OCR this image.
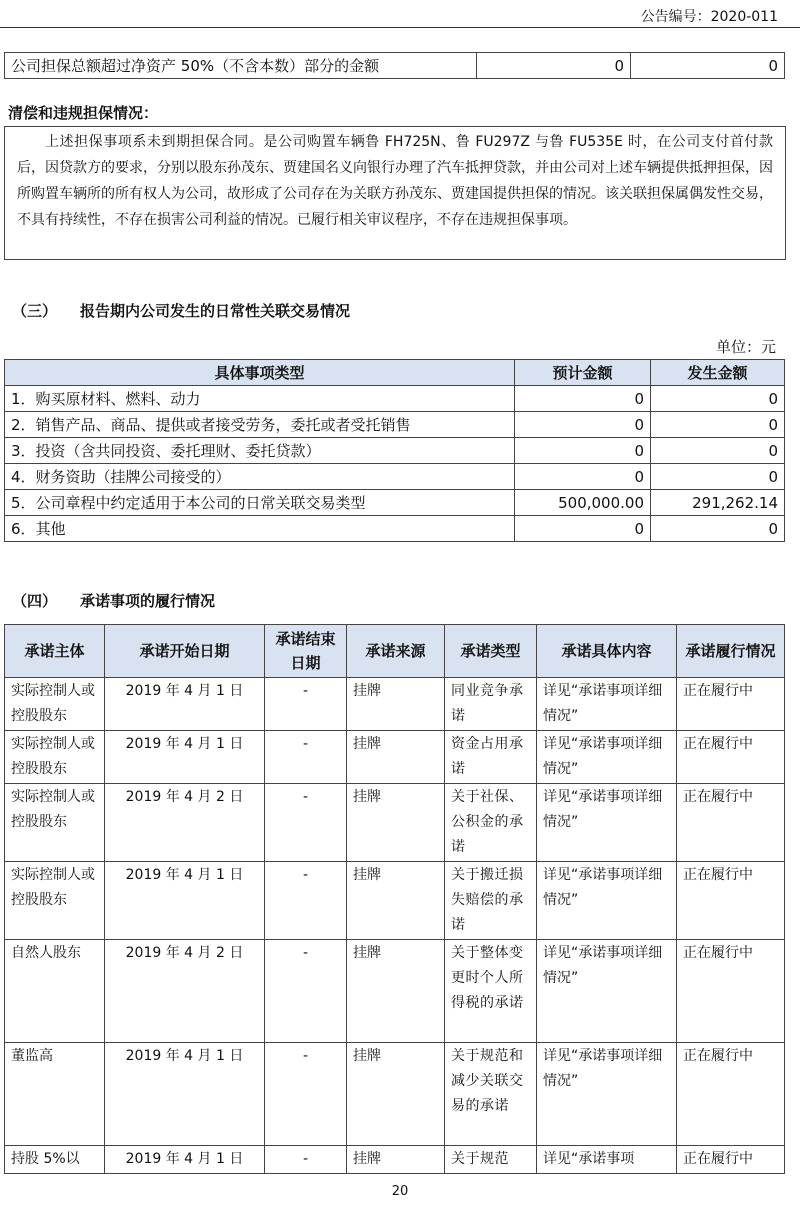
公告编号：2020-011
公司担保总额超过净资产 50%（不含本数）部分的金额	0	0
清偿和违规担保情况：
上述担保事项系未到期担保合同。是公司购置车辆鲁 FH725N、鲁 FU297Z 与鲁 FU535E 时，在公司支付首付款后，因贷款方的要求，分别以股东孙茂东、贾建国名义向银行办理了汽车抵押贷款，并由公司对上述车辆提供抵押担保，因所购置车辆所的所有权人为公司，故形成了公司存在为关联方孙茂东、贾建国提供担保的情况。该关联担保属偶发性交易，不具有持续性，不存在损害公司利益的情况。已履行相关审议程序，不存在违规担保事项。
（三） 报告期内公司发生的日常性关联交易情况
单位：元
具体事项类型	预计金额	发生金额
1．购买原材料、燃料、动力	0	0
2．销售产品、商品、提供或者接受劳务，委托或者受托销售	0	0
3．投资（含共同投资、委托理财、委托贷款）	0	0
4．财务资助（挂牌公司接受的）	0	0
5．公司章程中约定适用于本公司的日常关联交易类型	500,000.00	291,262.14
6．其他	0	0
（四） 承诺事项的履行情况
承诺主体	承诺开始日期	承诺结束日期	承诺来源	承诺类型	承诺具体内容	承诺履行情况
实际控制人或控股股东	2019 年 4 月 1 日	-	挂牌	同业竞争承诺	详见“承诺事项详细情况”	正在履行中
实际控制人或控股股东	2019 年 4 月 1 日	-	挂牌	资金占用承诺	详见“承诺事项详细情况”	正在履行中
实际控制人或控股股东	2019 年 4 月 2 日	-	挂牌	关于社保、公积金的承诺	详见“承诺事项详细情况”	正在履行中
实际控制人或控股股东	2019 年 4 月 1 日	-	挂牌	关于搬迁损失赔偿的承诺	详见“承诺事项详细情况”	正在履行中
自然人股东	2019 年 4 月 2 日	-	挂牌	关于整体变更时个人所得税的承诺	详见“承诺事项详细情况”	正在履行中
董监高	2019 年 4 月 1 日	-	挂牌	关于规范和减少关联交易的承诺	详见“承诺事项详细情况”	正在履行中
持股 5%以	2019 年 4 月 1 日	-	挂牌	关于规范	详见“承诺事项	正在履行中
20
